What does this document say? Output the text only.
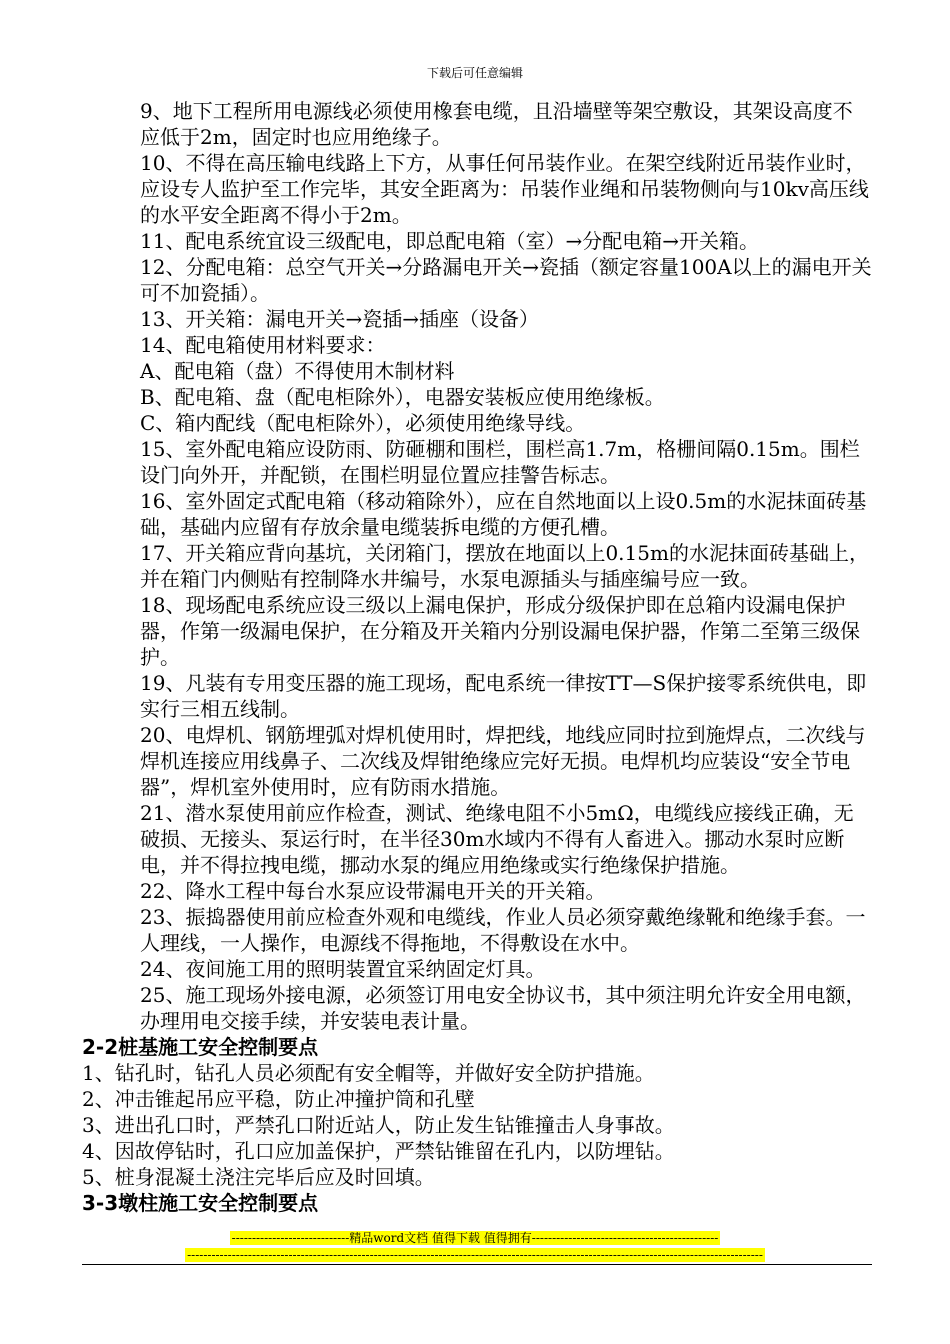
下载后可任意编辑

9、地下工程所用电源线必须使用橡套电缆，且沿墙壁等架空敷设，其架设高度不应低于2m，固定时也应用绝缘子。

10、不得在高压输电线路上下方，从事任何吊装作业。在架空线附近吊装作业时，应设专人监护至工作完毕，其安全距离为：吊装作业绳和吊装物侧向与10kv高压线的水平安全距离不得小于2m。

11、配电系统宜设三级配电，即总配电箱（室）→分配电箱→开关箱。

12、分配电箱：总空气开关→分路漏电开关→瓷插（额定容量100A以上的漏电开关可不加瓷插）。

13、开关箱：漏电开关→瓷插→插座（设备）

14、配电箱使用材料要求：

A、配电箱（盘）不得使用木制材料

B、配电箱、盘（配电柜除外），电器安装板应使用绝缘板。

C、箱内配线（配电柜除外），必须使用绝缘导线。

15、室外配电箱应设防雨、防砸棚和围栏，围栏高1.7m，格栅间隔0.15m。围栏设门向外开，并配锁，在围栏明显位置应挂警告标志。

16、室外固定式配电箱（移动箱除外），应在自然地面以上设0.5m的水泥抹面砖基础，基础内应留有存放余量电缆装拆电缆的方便孔槽。

17、开关箱应背向基坑，关闭箱门，摆放在地面以上0.15m的水泥抹面砖基础上，并在箱门内侧贴有控制降水井编号，水泵电源插头与插座编号应一致。

18、现场配电系统应设三级以上漏电保护，形成分级保护即在总箱内设漏电保护器，作第一级漏电保护，在分箱及开关箱内分别设漏电保护器，作第二至第三级保护。

19、凡装有专用变压器的施工现场，配电系统一律按TT—S保护接零系统供电，即实行三相五线制。

20、电焊机、钢筋埋弧对焊机使用时，焊把线，地线应同时拉到施焊点，二次线与焊机连接应用线鼻子、二次线及焊钳绝缘应完好无损。电焊机均应装设“安全节电器”，焊机室外使用时，应有防雨水措施。

21、潜水泵使用前应作检查，测试、绝缘电阻不小5mΩ，电缆线应接线正确，无破损、无接头、泵运行时，在半径30m水域内不得有人畜进入。挪动水泵时应断电，并不得拉拽电缆，挪动水泵的绳应用绝缘或实行绝缘保护措施。

22、降水工程中每台水泵应设带漏电开关的开关箱。

23、振捣器使用前应检查外观和电缆线，作业人员必须穿戴绝缘靴和绝缘手套。一人理线，一人操作，电源线不得拖地，不得敷设在水中。

24、夜间施工用的照明装置宜采纳固定灯具。

25、施工现场外接电源，必须签订用电安全协议书，其中须注明允许安全用电额，办理用电交接手续，并安装电表计量。

2-2桩基施工安全控制要点

1、钻孔时，钻孔人员必须配有安全帽等，并做好安全防护措施。

2、冲击锥起吊应平稳，防止冲撞护筒和孔壁

3、进出孔口时，严禁孔口附近站人，防止发生钻锥撞击人身事故。

4、因故停钻时，孔口应加盖保护，严禁钻锥留在孔内，以防埋钻。

5、桩身混凝土浇注完毕后应及时回填。

3-3墩柱施工安全控制要点

-----------------------------精品word文档 值得下载 值得拥有----------------------------------------------
----------------------------------------------------------------------------------------------------------------------------------------------
